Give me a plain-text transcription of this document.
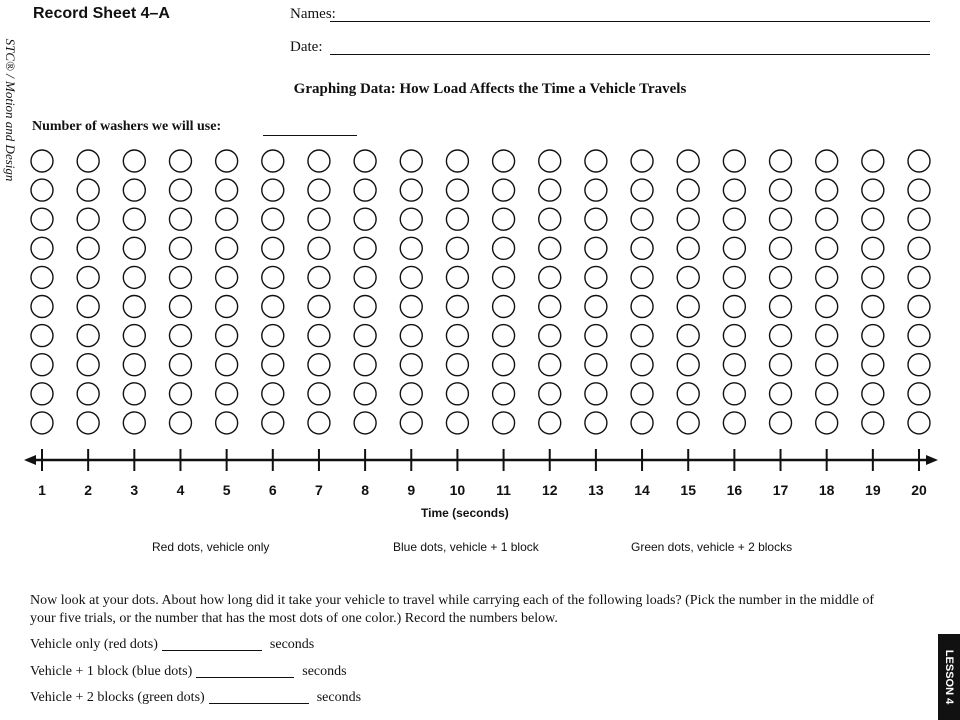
Record Sheet 4–A	Names:
Date:
STC® / Motion and Design	Graphing Data: How Load Affects the Time a Vehicle Travels
Number of washers we will use:
1	2	3	4	5	6	7	8	9 10 11 12 13 14 15 16 17 18 19 20
Time (seconds)
Red dots, vehicle only	Blue dots, vehicle + 1 block	Green dots, vehicle + 2 blocks
Now look at your dots. About how long did it take your vehicle to travel while carrying each of the following loads? (Pick the number in the middle of your five trials, or the number that has the most dots of one color.) Record the numbers below.
Vehicle only (red dots)	seconds
Vehicle + 1 block (blue dots)	seconds
Vehicle + 2 blocks (green dots)	seconds	LESSON 4
